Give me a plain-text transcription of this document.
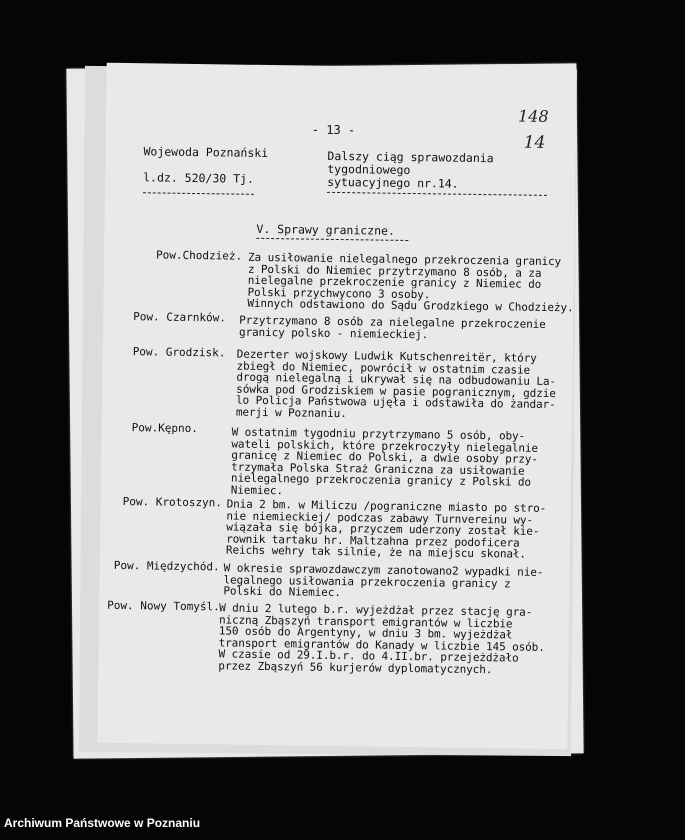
148
14
- 13 -
Wojewoda Poznański
l.dz. 520/30 Tj.
Dalszy ciąg sprawozdania tygodniowego
sytuacyjnego nr.14.
V. Sprawy graniczne.
Pow.Chodzież. Za usiłowanie nielegalnego przekroczenia granicy
z Polski do Niemiec przytrzymano 8 osób, a za
nielegalne przekroczenie granicy z Niemiec do
Polski przychwycono 3 osoby.
Winnych odstawiono do Sądu Grodzkiego w Chodzieży.
Pow. Czarnków. Przytrzymano 8 osób za nielegalne przekroczenie
granicy polsko - niemieckiej.
Pow. Grodzisk. Dezerter wojskowy Ludwik Kutschenreitër, który
zbiegł do Niemiec, powrócił w ostatnim czasie
drogą nielegalną i ukrywał się na odbudowaniu La-
sówka pod Grodziskiem w pasie pogranicznym, gdzie
lo Policja Państwowa ujęła i odstawiła do żandar-
merji w Poznaniu.
Pow.Kępno.	W ostatnim tygodniu przytrzymano 5 osób, oby-
wateli polskich, które przekroczyły nielegalnie
granicę z Niemiec do Polski, a dwie osoby przy-
trzymała Polska Straż Graniczna za usiłowanie
nielegalnego przekroczenia granicy z Polski do
Niemiec.
Pow. Krotoszyn. Dnia 2 bm. w Miliczu /pograniczne miasto po stro-
nie niemieckiej/ podczas zabawy Turnvereinu wy-
wiązała się bójka, przyczem uderzony został kie-
rownik tartaku hr. Maltzahna przez podoficera
Reichs wehry tak silnie, że na miejscu skonał.
Pow. Międzychód. W okresie sprawozdawczym zanotowano2 wypadki nie-
legalnego usiłowania przekroczenia granicy z
Polski do Niemiec.
Pow. Nowy Tomyśl. W dniu 2 lutego b.r. wyjeżdżał przez stację gra-
niczną Zbąszyń transport emigrantów w liczbie
150 osób do Argentyny, w dniu 3 bm. wyjeżdżał
transport emigrantów do Kanady w liczbie 145 osób.
W czasie od 29.I.b.r. do 4.II.br. przejeżdżało
przez Zbąszyń 56 kurjerów dyplomatycznych.
Archiwum Państwowe w Poznaniu
